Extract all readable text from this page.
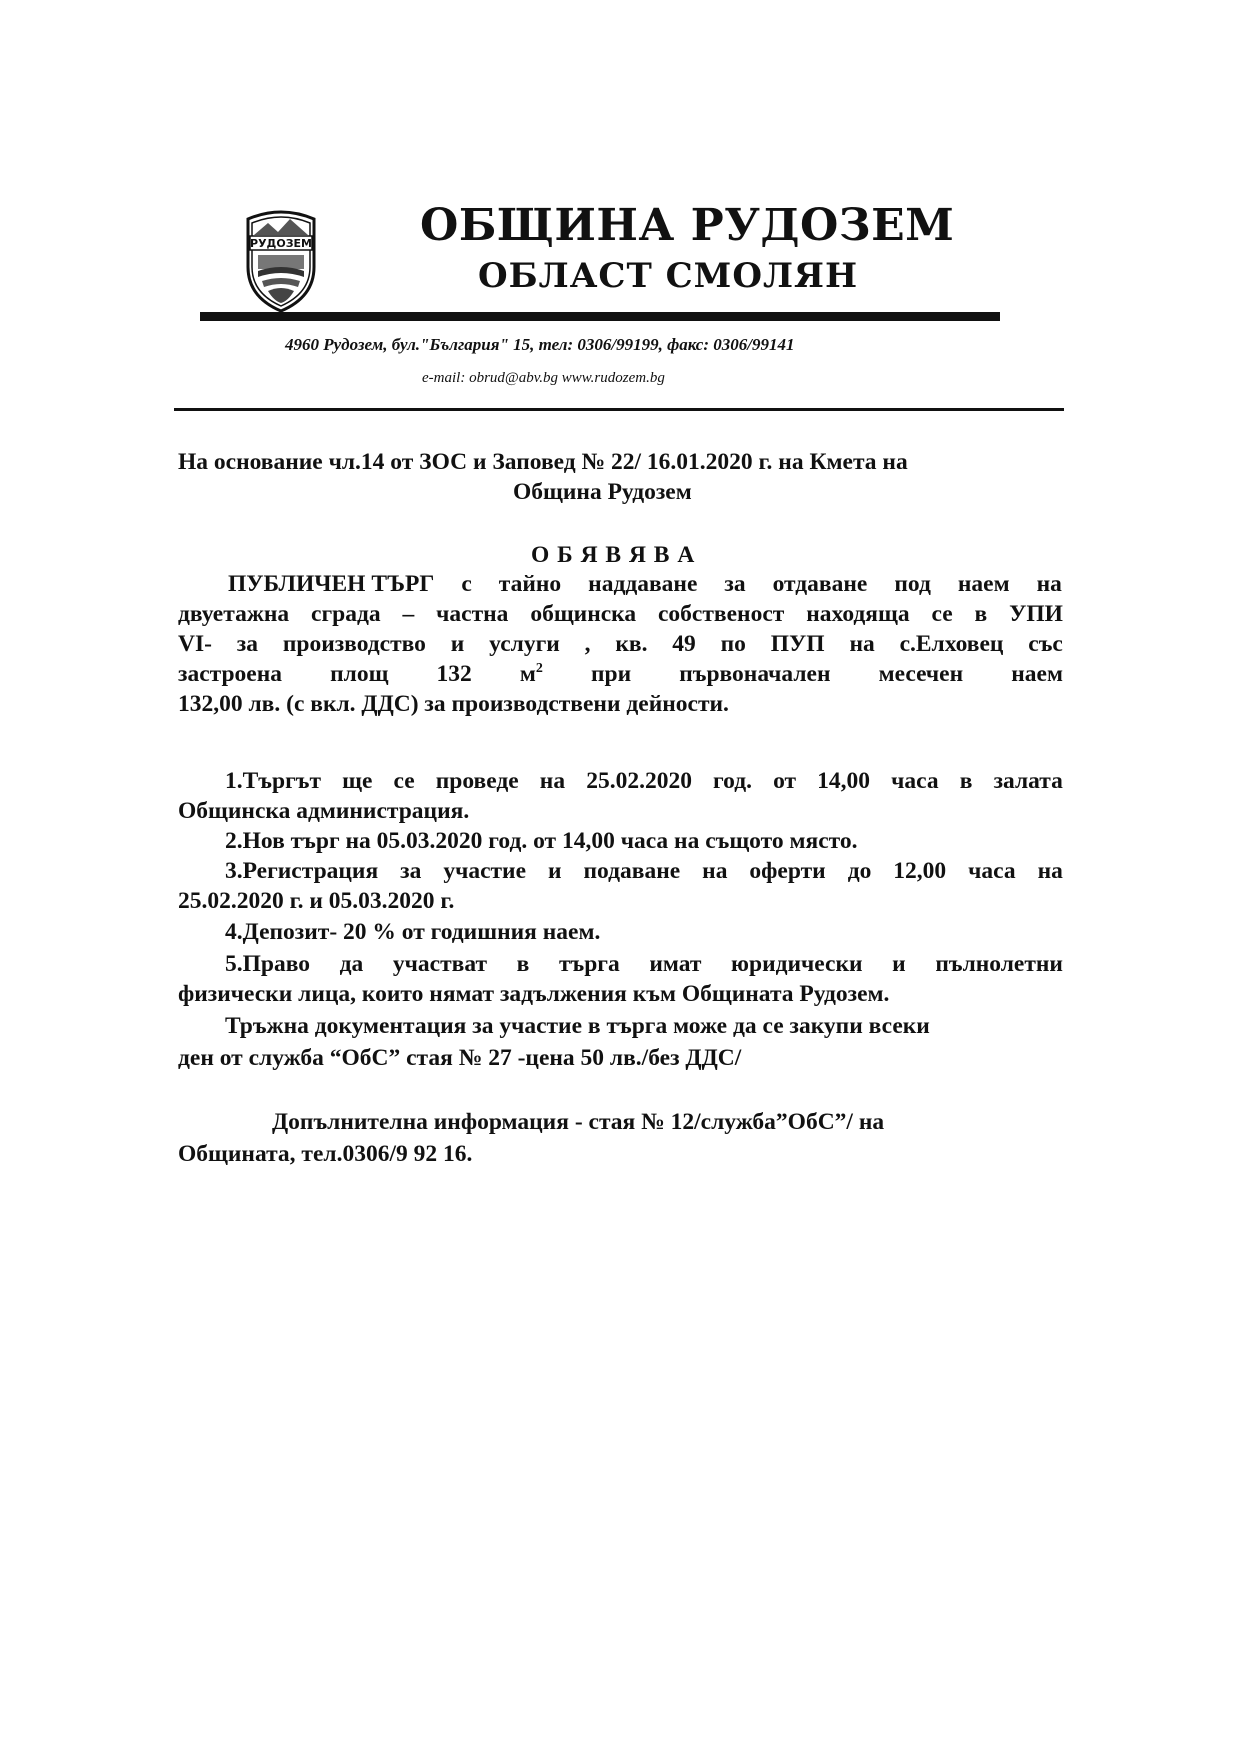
РУДОЗЕМ ОБЩИНА РУДОЗЕМ
ОБЛАСТ СМОЛЯН
4960 Рудозем, бул."България" 15, тел: 0306/99199, факс: 0306/99141
e-mail: obrud@abv.bg www.rudozem.bg
На основание чл.14 от ЗОС и Заповед № 22/ 16.01.2020 г. на Кмета на
Община Рудозем
О Б Я В Я В А
ПУБЛИЧЕН ТЪРГ с тайно наддаване за отдаване под наем на
двуетажна сграда – частна общинска собственост находяща се в УПИ
VI- за производство и услуги , кв. 49 по ПУП на с.Елховец със
застроена площ 132 $м^2$ при първоначален месечен наем
132,00 лв. (с вкл. ДДС) за производствени дейности.
1.Търгът ще се проведе на 25.02.2020 год. от 14,00 часа в залата
Общинска администрация.
2.Нов търг на 05.03.2020 год. от 14,00 часа на същото място.
3.Регистрация за участие и подаване на оферти до 12,00 часа на
25.02.2020 г. и 05.03.2020 г.
4.Депозит- 20 % от годишния наем.
5.Право да участват в търга имат юридически и пълнолетни
физически лица, които нямат задължения към Общината Рудозем.
Тръжна документация за участие в търга може да се закупи всеки
ден от служба “ОбС” стая № 27 -цена 50 лв./без ДДС/
Допълнителна информация - стая № 12/служба”ОбС”/ на
Общината, тел.0306/9 92 16.
